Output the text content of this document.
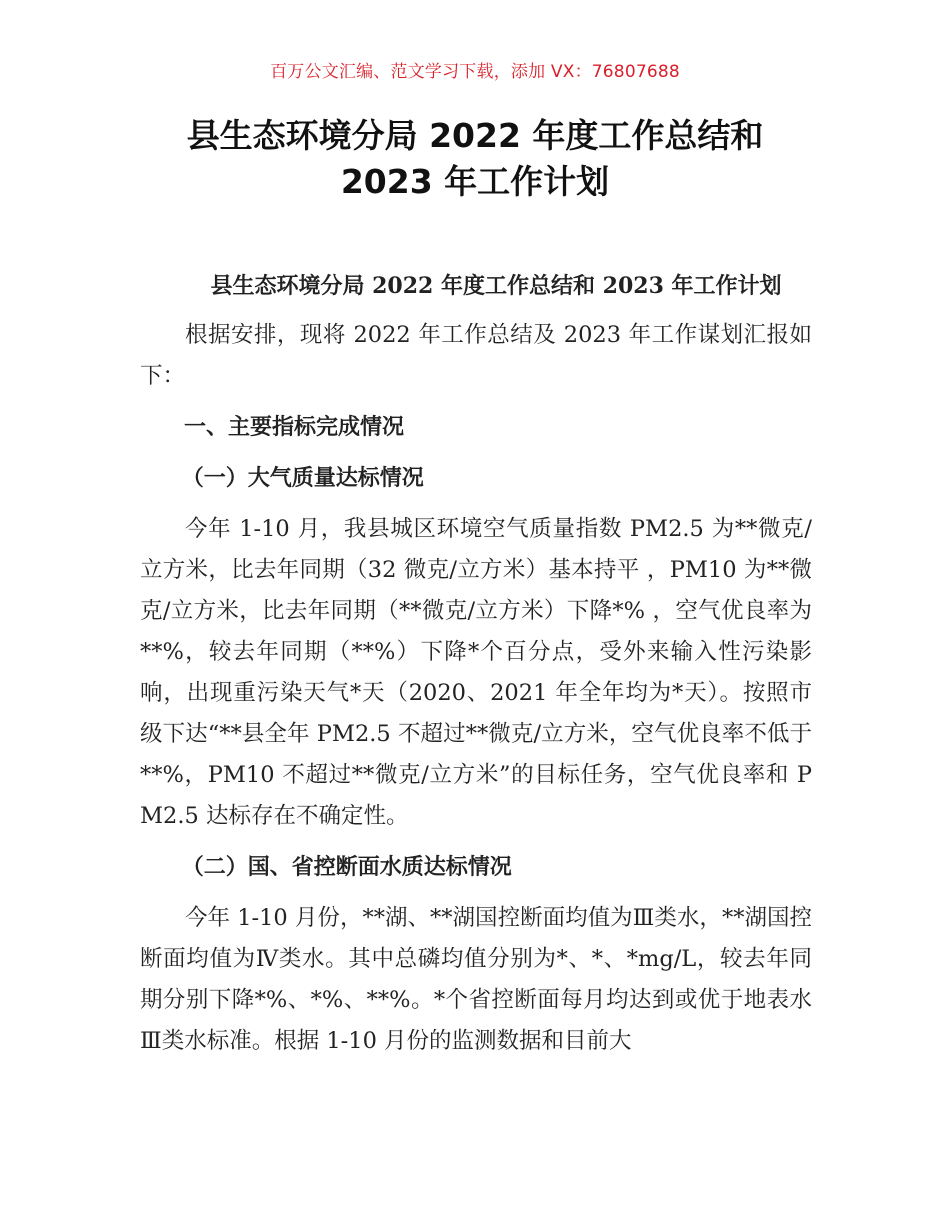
百万公文汇编、范文学习下载，添加 VX：76807688
县生态环境分局 2022 年度工作总结和
2023 年工作计划

县生态环境分局 2022 年度工作总结和 2023 年工作计划

根据安排，现将 2022 年工作总结及 2023 年工作谋划汇报如下：

一、主要指标完成情况

（一）大气质量达标情况

今年 1-10 月，我县城区环境空气质量指数 PM2.5 为**微克/立方米，比去年同期（32 微克/立方米）基本持平 ，PM10 为**微克/立方米，比去年同期（**微克/立方米）下降*% ，空气优良率为**%，较去年同期（**%）下降*个百分点，受外来输入性污染影响，出现重污染天气*天（2020、2021 年全年均为*天）。按照市级下达“**县全年 PM2.5 不超过**微克/立方米，空气优良率不低于**%，PM10 不超过**微克/立方米”的目标任务，空气优良率和 PM2.5 达标存在不确定性。

（二）国、省控断面水质达标情况

今年 1-10 月份，**湖、**湖国控断面均值为Ⅲ类水，**湖国控断面均值为Ⅳ类水。其中总磷均值分别为*、*、*mg/L，较去年同期分别下降*%、*%、**%。*个省控断面每月均达到或优于地表水Ⅲ类水标准。根据 1-10 月份的监测数据和目前大
